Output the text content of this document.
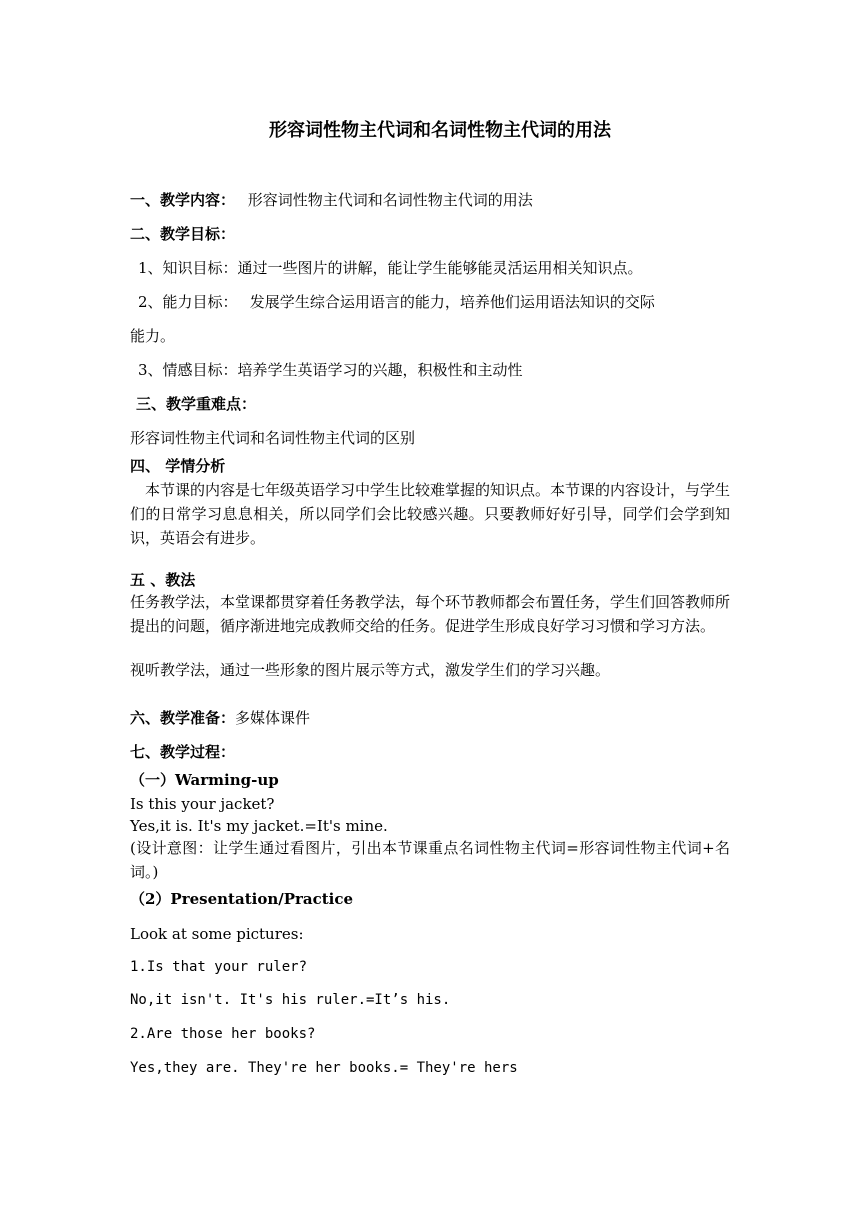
形容词性物主代词和名词性物主代词的用法
一、教学内容： 形容词性物主代词和名词性物主代词的用法
二、教学目标：
1、知识目标：通过一些图片的讲解，能让学生能够能灵活运用相关知识点。
2、能力目标：　 发展学生综合运用语言的能力，培养他们运用语法知识的交际
能力。
3、情感目标：培养学生英语学习的兴趣，积极性和主动性
三、教学重难点：
形容词性物主代词和名词性物主代词的区别
四、 学情分析
本节课的内容是七年级英语学习中学生比较难掌握的知识点。本节课的内容设计，与学生们的日常学习息息相关，所以同学们会比较感兴趣。只要教师好好引导，同学们会学到知识，英语会有进步。
五 、教法
任务教学法，本堂课都贯穿着任务教学法，每个环节教师都会布置任务，学生们回答教师所提出的问题，循序渐进地完成教师交给的任务。促进学生形成良好学习习惯和学习方法。
视听教学法，通过一些形象的图片展示等方式，激发学生们的学习兴趣。
六、教学准备：多媒体课件
七、教学过程：
（一）Warming-up
Is this your jacket?
Yes,it is. It's my jacket.=It's mine.
(设计意图：让学生通过看图片，引出本节课重点名词性物主代词=形容词性物主代词+名词。)
（2）Presentation/Practice
Look at some pictures:
1.Is that your ruler?
No,it isn't. It's his ruler.=It’s his.
2.Are those her books?
Yes,they are. They're her books.= They're hers
